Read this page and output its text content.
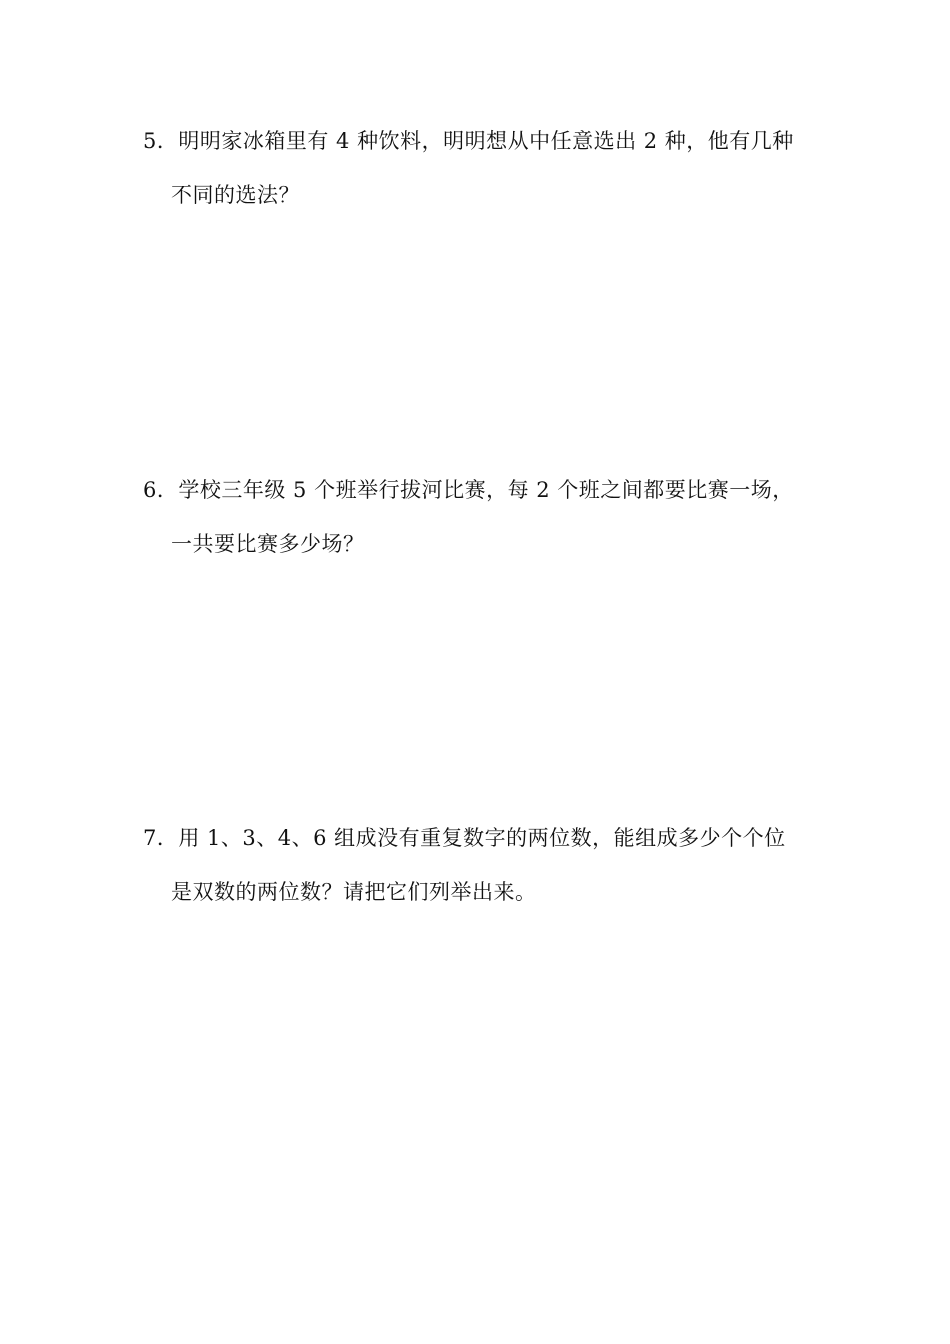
5．明明家冰箱里有 4 种饮料，明明想从中任意选出 2 种，他有几种
不同的选法？
6．学校三年级 5 个班举行拔河比赛，每 2 个班之间都要比赛一场，
一共要比赛多少场？
7．用 1、3、4、6 组成没有重复数字的两位数，能组成多少个个位
是双数的两位数？请把它们列举出来。
